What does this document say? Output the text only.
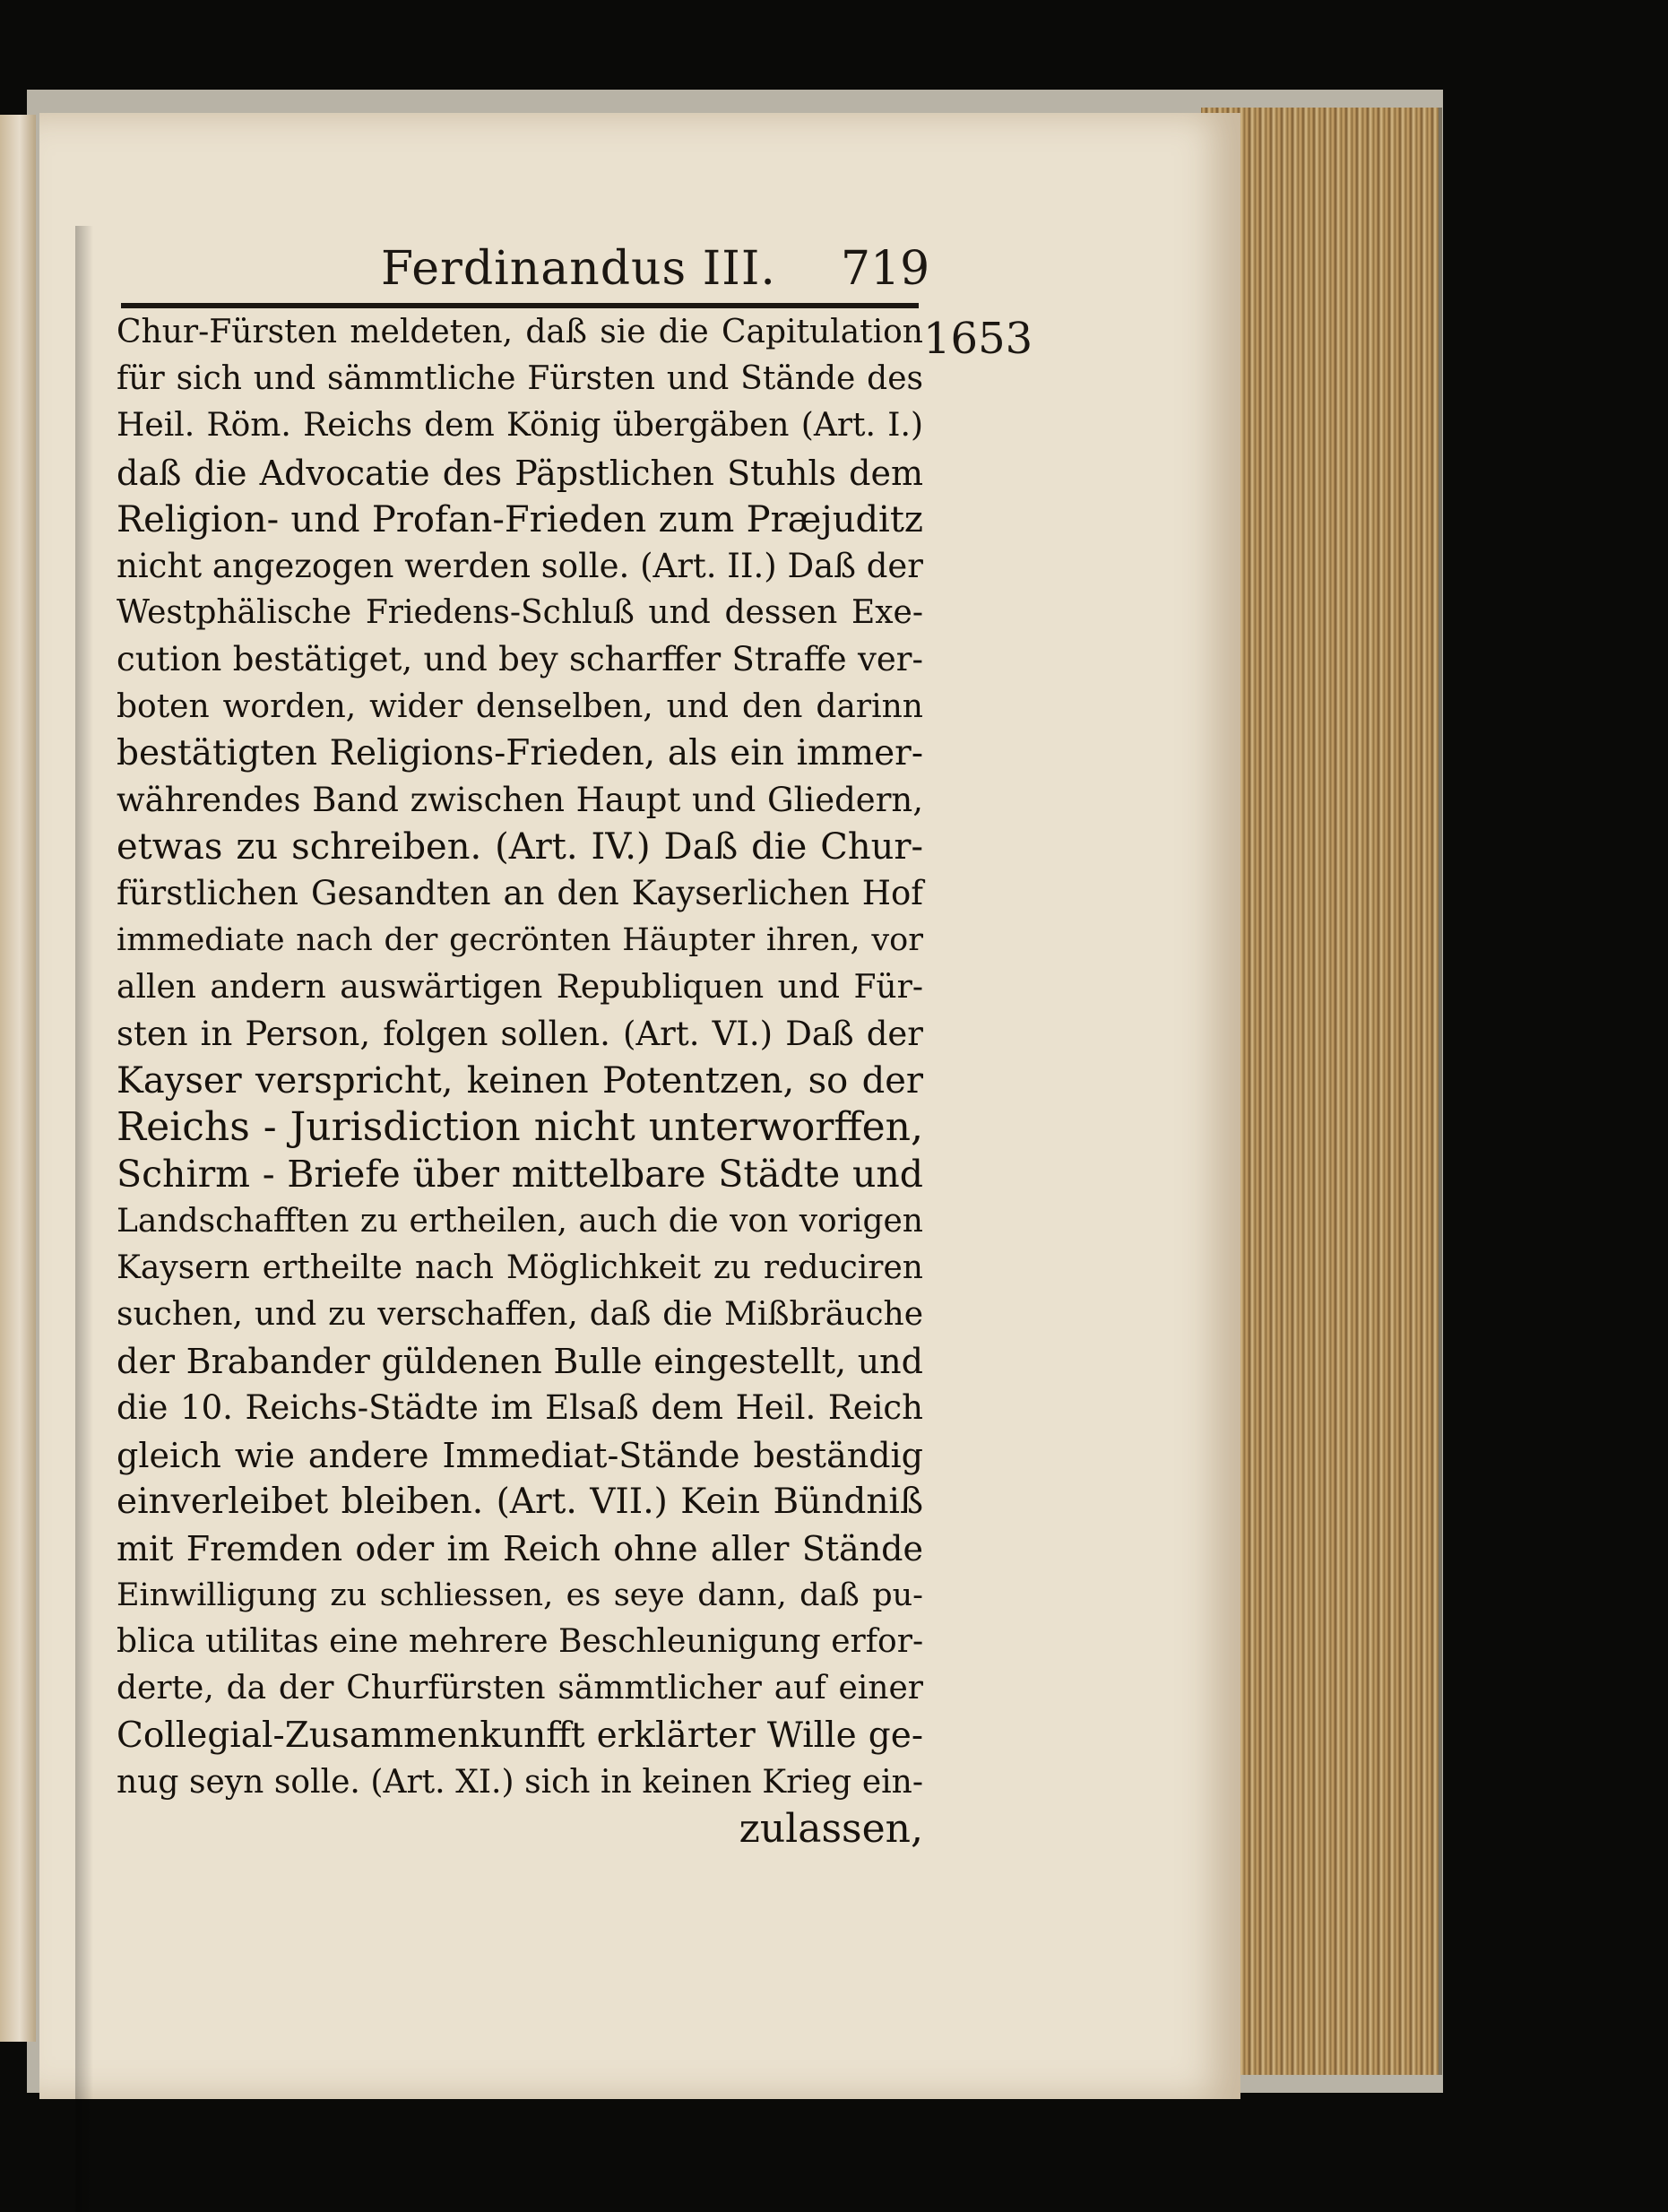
Ferdinandus III. 719
1653
Chur-Fürsten meldeten, daß sie die Capitulation
für sich und sämmtliche Fürsten und Stände des
Heil. Röm. Reichs dem König übergäben (Art. I.)
daß die Advocatie des Päpstlichen Stuhls dem
Religion- und Profan-Frieden zum Præjuditz
nicht angezogen werden solle. (Art. II.) Daß der
Westphälische Friedens-Schluß und dessen Exe-
cution bestätiget, und bey scharffer Straffe ver-
boten worden, wider denselben, und den darinn
bestätigten Religions-Frieden, als ein immer-
währendes Band zwischen Haupt und Gliedern,
etwas zu schreiben. (Art. IV.) Daß die Chur-
fürstlichen Gesandten an den Kayserlichen Hof
immediate nach der gecrönten Häupter ihren, vor
allen andern auswärtigen Republiquen und Für-
sten in Person, folgen sollen. (Art. VI.) Daß der
Kayser verspricht, keinen Potentzen, so der
Reichs - Jurisdiction nicht unterworffen,
Schirm - Briefe über mittelbare Städte und
Landschafften zu ertheilen, auch die von vorigen
Kaysern ertheilte nach Möglichkeit zu reduciren
suchen, und zu verschaffen, daß die Mißbräuche
der Brabander güldenen Bulle eingestellt, und
die 10. Reichs-Städte im Elsaß dem Heil. Reich
gleich wie andere Immediat-Stände beständig
einverleibet bleiben. (Art. VII.) Kein Bündniß
mit Fremden oder im Reich ohne aller Stände
Einwilligung zu schliessen, es seye dann, daß pu-
blica utilitas eine mehrere Beschleunigung erfor-
derte, da der Churfürsten sämmtlicher auf einer
Collegial-Zusammenkunfft erklärter Wille ge-
nug seyn solle. (Art. XI.) sich in keinen Krieg ein-
zulassen,
